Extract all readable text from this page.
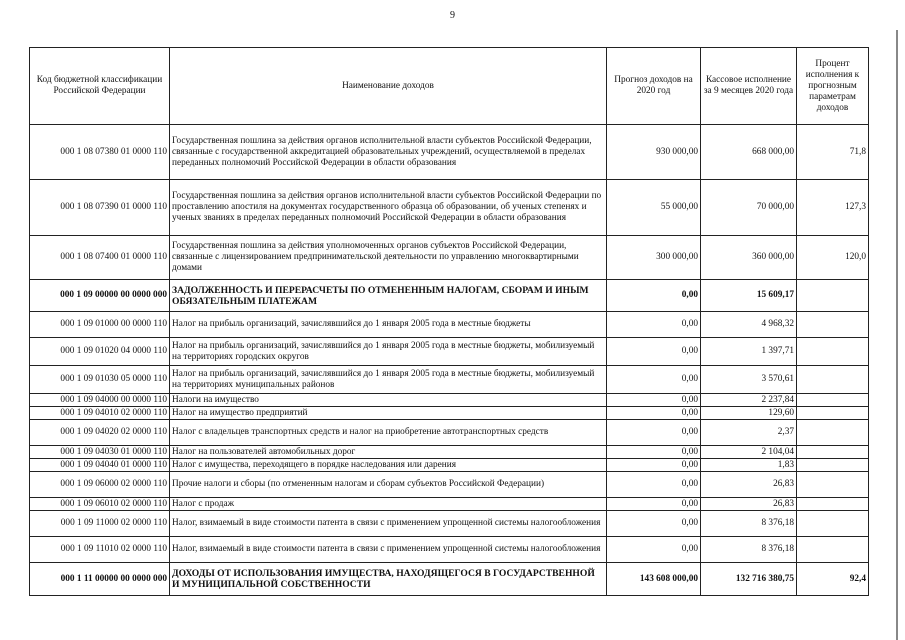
9
Код бюджетной классификации Российской Федерации	Наименование доходов	Прогноз доходов на 2020 год	Кассовое исполнение за 9 месяцев 2020 года	Процент исполнения к прогнозным параметрам доходов
000 1 08 07380 01 0000 110	Государственная пошлина за действия органов исполнительной власти субъектов Российской Федерации, связанные с государственной аккредитацией образовательных учреждений, осуществляемой в пределах переданных полномочий Российской Федерации в области образования	930 000,00	668 000,00	71,8
000 1 08 07390 01 0000 110	Государственная пошлина за действия органов исполнительной власти субъектов Российской Федерации по проставлению апостиля на документах государственного образца об образовании, об ученых степенях и ученых званиях в пределах переданных полномочий Российской Федерации в области образования	55 000,00	70 000,00	127,3
000 1 08 07400 01 0000 110	Государственная пошлина за действия уполномоченных органов субъектов Российской Федерации, связанные с лицензированием предпринимательской деятельности по управлению многоквартирными домами	300 000,00	360 000,00	120,0
000 1 09 00000 00 0000 000	ЗАДОЛЖЕННОСТЬ И ПЕРЕРАСЧЕТЫ ПО ОТМЕНЕННЫМ НАЛОГАМ, СБОРАМ И ИНЫМ ОБЯЗАТЕЛЬНЫМ ПЛАТЕЖАМ	0,00	15 609,17	
000 1 09 01000 00 0000 110	Налог на прибыль организаций, зачислявшийся до 1 января 2005 года в местные бюджеты	0,00	4 968,32	
000 1 09 01020 04 0000 110	Налог на прибыль организаций, зачислявшийся до 1 января 2005 года в местные бюджеты, мобилизуемый на территориях городских округов	0,00	1 397,71	
000 1 09 01030 05 0000 110	Налог на прибыль организаций, зачислявшийся до 1 января 2005 года в местные бюджеты, мобилизуемый на территориях муниципальных районов	0,00	3 570,61	
000 1 09 04000 00 0000 110	Налоги на имущество	0,00	2 237,84	
000 1 09 04010 02 0000 110	Налог на имущество предприятий	0,00	129,60	
000 1 09 04020 02 0000 110	Налог с владельцев транспортных средств и налог на приобретение автотранспортных средств	0,00	2,37	
000 1 09 04030 01 0000 110	Налог на пользователей автомобильных дорог	0,00	2 104,04	
000 1 09 04040 01 0000 110	Налог с имущества, переходящего в порядке наследования или дарения	0,00	1,83	
000 1 09 06000 02 0000 110	Прочие налоги и сборы (по отмененным налогам и сборам субъектов Российской Федерации)	0,00	26,83	
000 1 09 06010 02 0000 110	Налог с продаж	0,00	26,83	
000 1 09 11000 02 0000 110	Налог, взимаемый в виде стоимости патента в связи с применением упрощенной системы налогообложения	0,00	8 376,18	
000 1 09 11010 02 0000 110	Налог, взимаемый в виде стоимости патента в связи с применением упрощенной системы налогообложения	0,00	8 376,18	
000 1 11 00000 00 0000 000	ДОХОДЫ ОТ ИСПОЛЬЗОВАНИЯ ИМУЩЕСТВА, НАХОДЯЩЕГОСЯ В ГОСУДАРСТВЕННОЙ И МУНИЦИПАЛЬНОЙ СОБСТВЕННОСТИ	143 608 000,00	132 716 380,75	92,4
